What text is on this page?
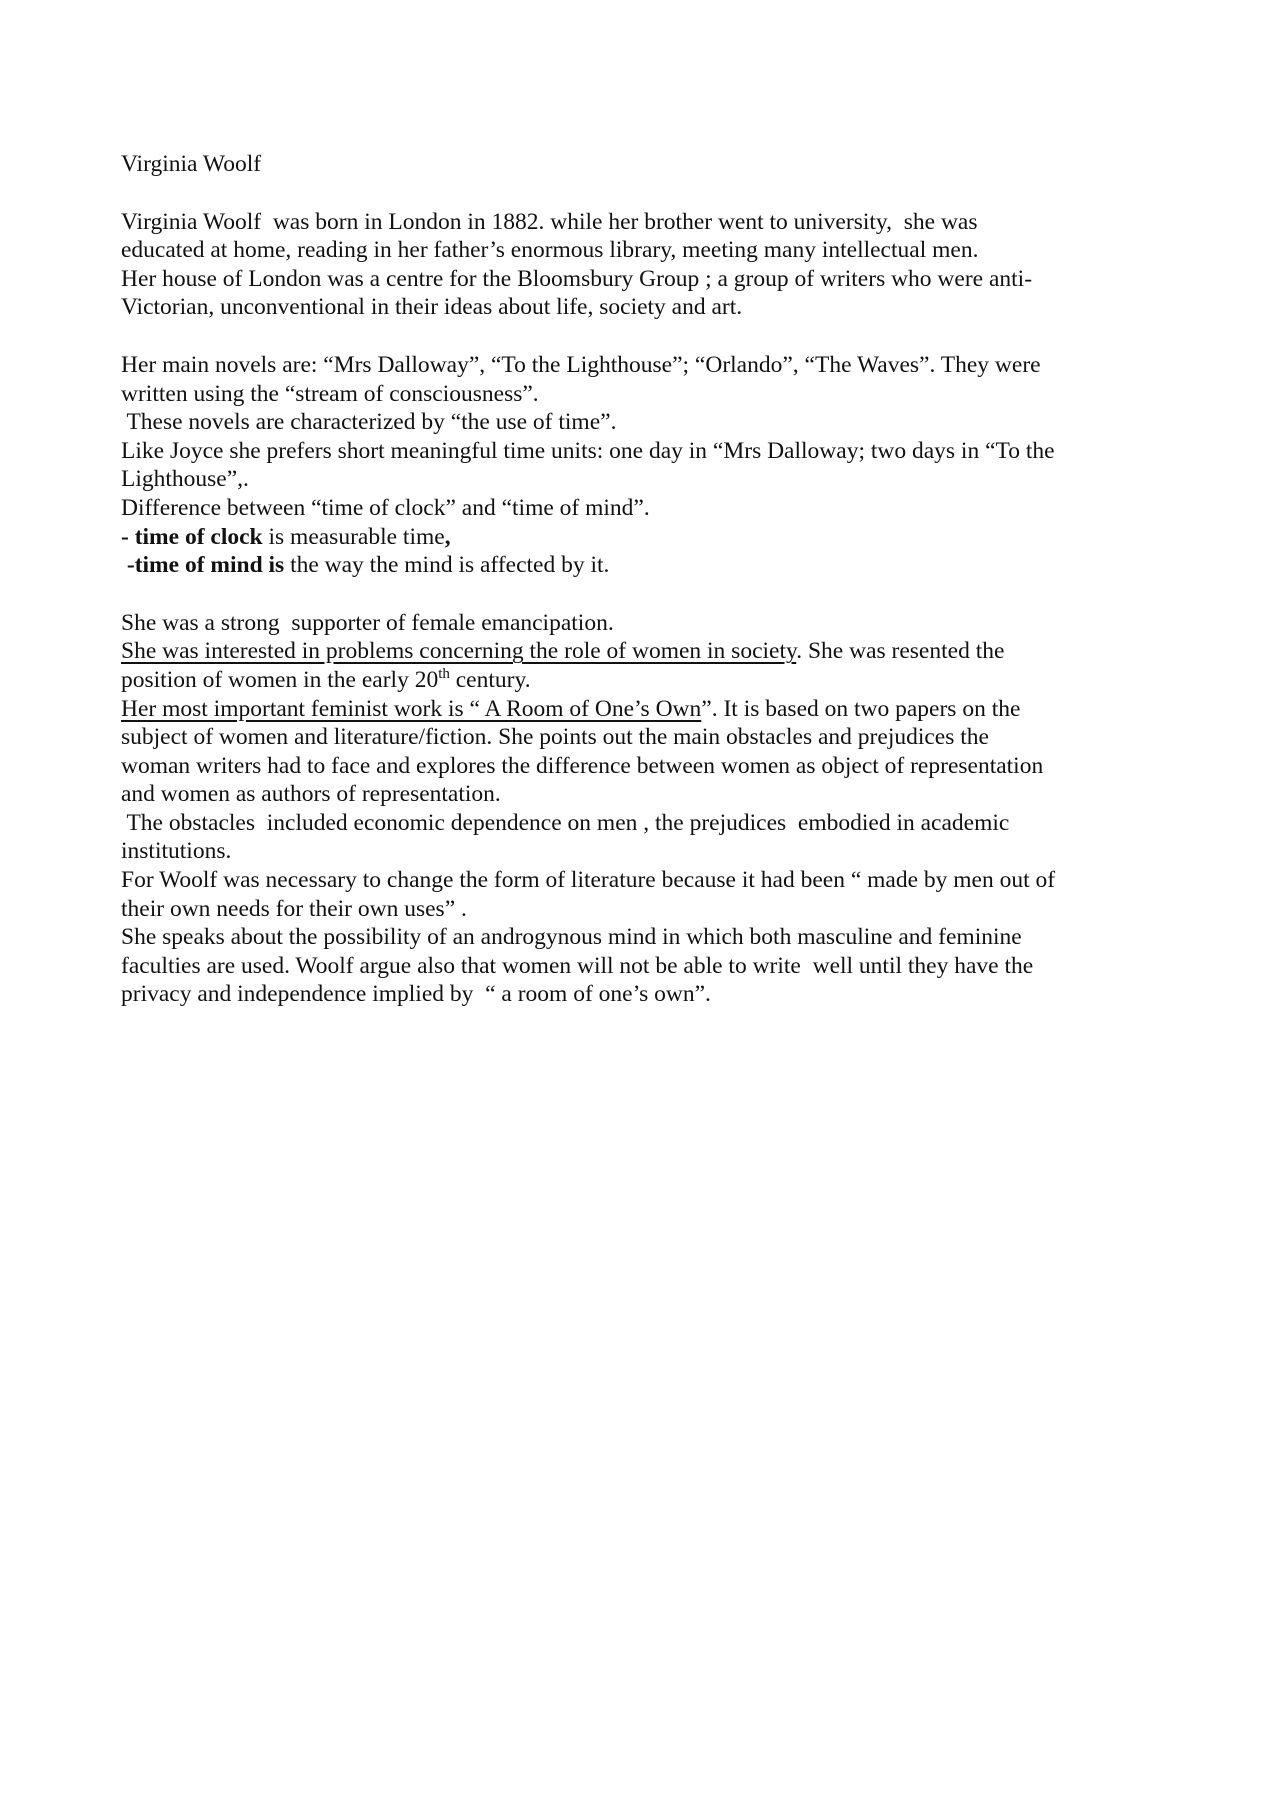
Virginia Woolf
Virginia Woolf  was born in London in 1882. while her brother went to university,  she was
educated at home, reading in her father’s enormous library, meeting many intellectual men.
Her house of London was a centre for the Bloomsbury Group ; a group of writers who were anti-
Victorian, unconventional in their ideas about life, society and art.
Her main novels are: “Mrs Dalloway”, “To the Lighthouse”; “Orlando”, “The Waves”. They were
written using the “stream of consciousness”.
These novels are characterized by “the use of time”.
Like Joyce she prefers short meaningful time units: one day in “Mrs Dalloway; two days in “To the
Lighthouse”,.
Difference between “time of clock” and “time of mind”.
- time of clock is measurable time,
-time of mind is the way the mind is affected by it.
She was a strong  supporter of female emancipation.
She was interested in problems concerning the role of women in society. She was resented the
position of women in the early 20th century.
Her most important feminist work is “ A Room of One’s Own”. It is based on two papers on the
subject of women and literature/fiction. She points out the main obstacles and prejudices the
woman writers had to face and explores the difference between women as object of representation
and women as authors of representation.
The obstacles  included economic dependence on men , the prejudices  embodied in academic
institutions.
For Woolf was necessary to change the form of literature because it had been “ made by men out of
their own needs for their own uses” .
She speaks about the possibility of an androgynous mind in which both masculine and feminine
faculties are used. Woolf argue also that women will not be able to write  well until they have the
privacy and independence implied by  “ a room of one’s own”.
